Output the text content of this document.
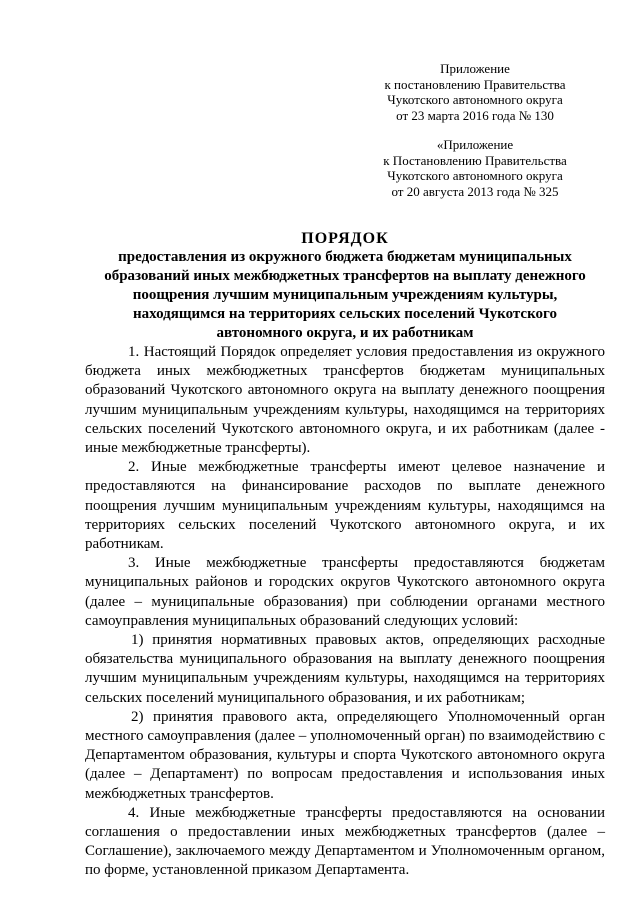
Приложение
к постановлению Правительства
Чукотского автономного округа
от 23 марта 2016 года № 130
«Приложение
к Постановлению Правительства
Чукотского автономного округа
от 20 августа 2013 года № 325
ПОРЯДОК
предоставления из окружного бюджета бюджетам муниципальных
образований иных межбюджетных трансфертов на выплату денежного
поощрения лучшим муниципальным учреждениям культуры,
находящимся на территориях сельских поселений Чукотского
автономного округа, и их работникам

1. Настоящий Порядок определяет условия предоставления из окружного бюджета иных межбюджетных трансфертов бюджетам муниципальных образований Чукотского автономного округа на выплату денежного поощрения лучшим муниципальным учреждениям культуры, находящимся на территориях сельских поселений Чукотского автономного округа, и их работникам (далее - иные межбюджетные трансферты).

2. Иные межбюджетные трансферты имеют целевое назначение и предоставляются на финансирование расходов по выплате денежного поощрения лучшим муниципальным учреждениям культуры, находящимся на территориях сельских поселений Чукотского автономного округа, и их работникам.

3. Иные межбюджетные трансферты предоставляются бюджетам муниципальных районов и городских округов Чукотского автономного округа (далее – муниципальные образования) при соблюдении органами местного самоуправления муниципальных образований следующих условий:

1) принятия нормативных правовых актов, определяющих расходные обязательства муниципального образования на выплату денежного поощрения лучшим муниципальным учреждениям культуры, находящимся на территориях сельских поселений муниципального образования, и их работникам;

2) принятия правового акта, определяющего Уполномоченный орган местного самоуправления (далее – уполномоченный орган) по взаимодействию с Департаментом образования, культуры и спорта Чукотского автономного округа (далее – Департамент) по вопросам предоставления и использования иных межбюджетных трансфертов.

4. Иные межбюджетные трансферты предоставляются на основании соглашения о предоставлении иных межбюджетных трансфертов (далее – Соглашение), заключаемого между Департаментом и Уполномоченным органом, по форме, установленной приказом Департамента.
